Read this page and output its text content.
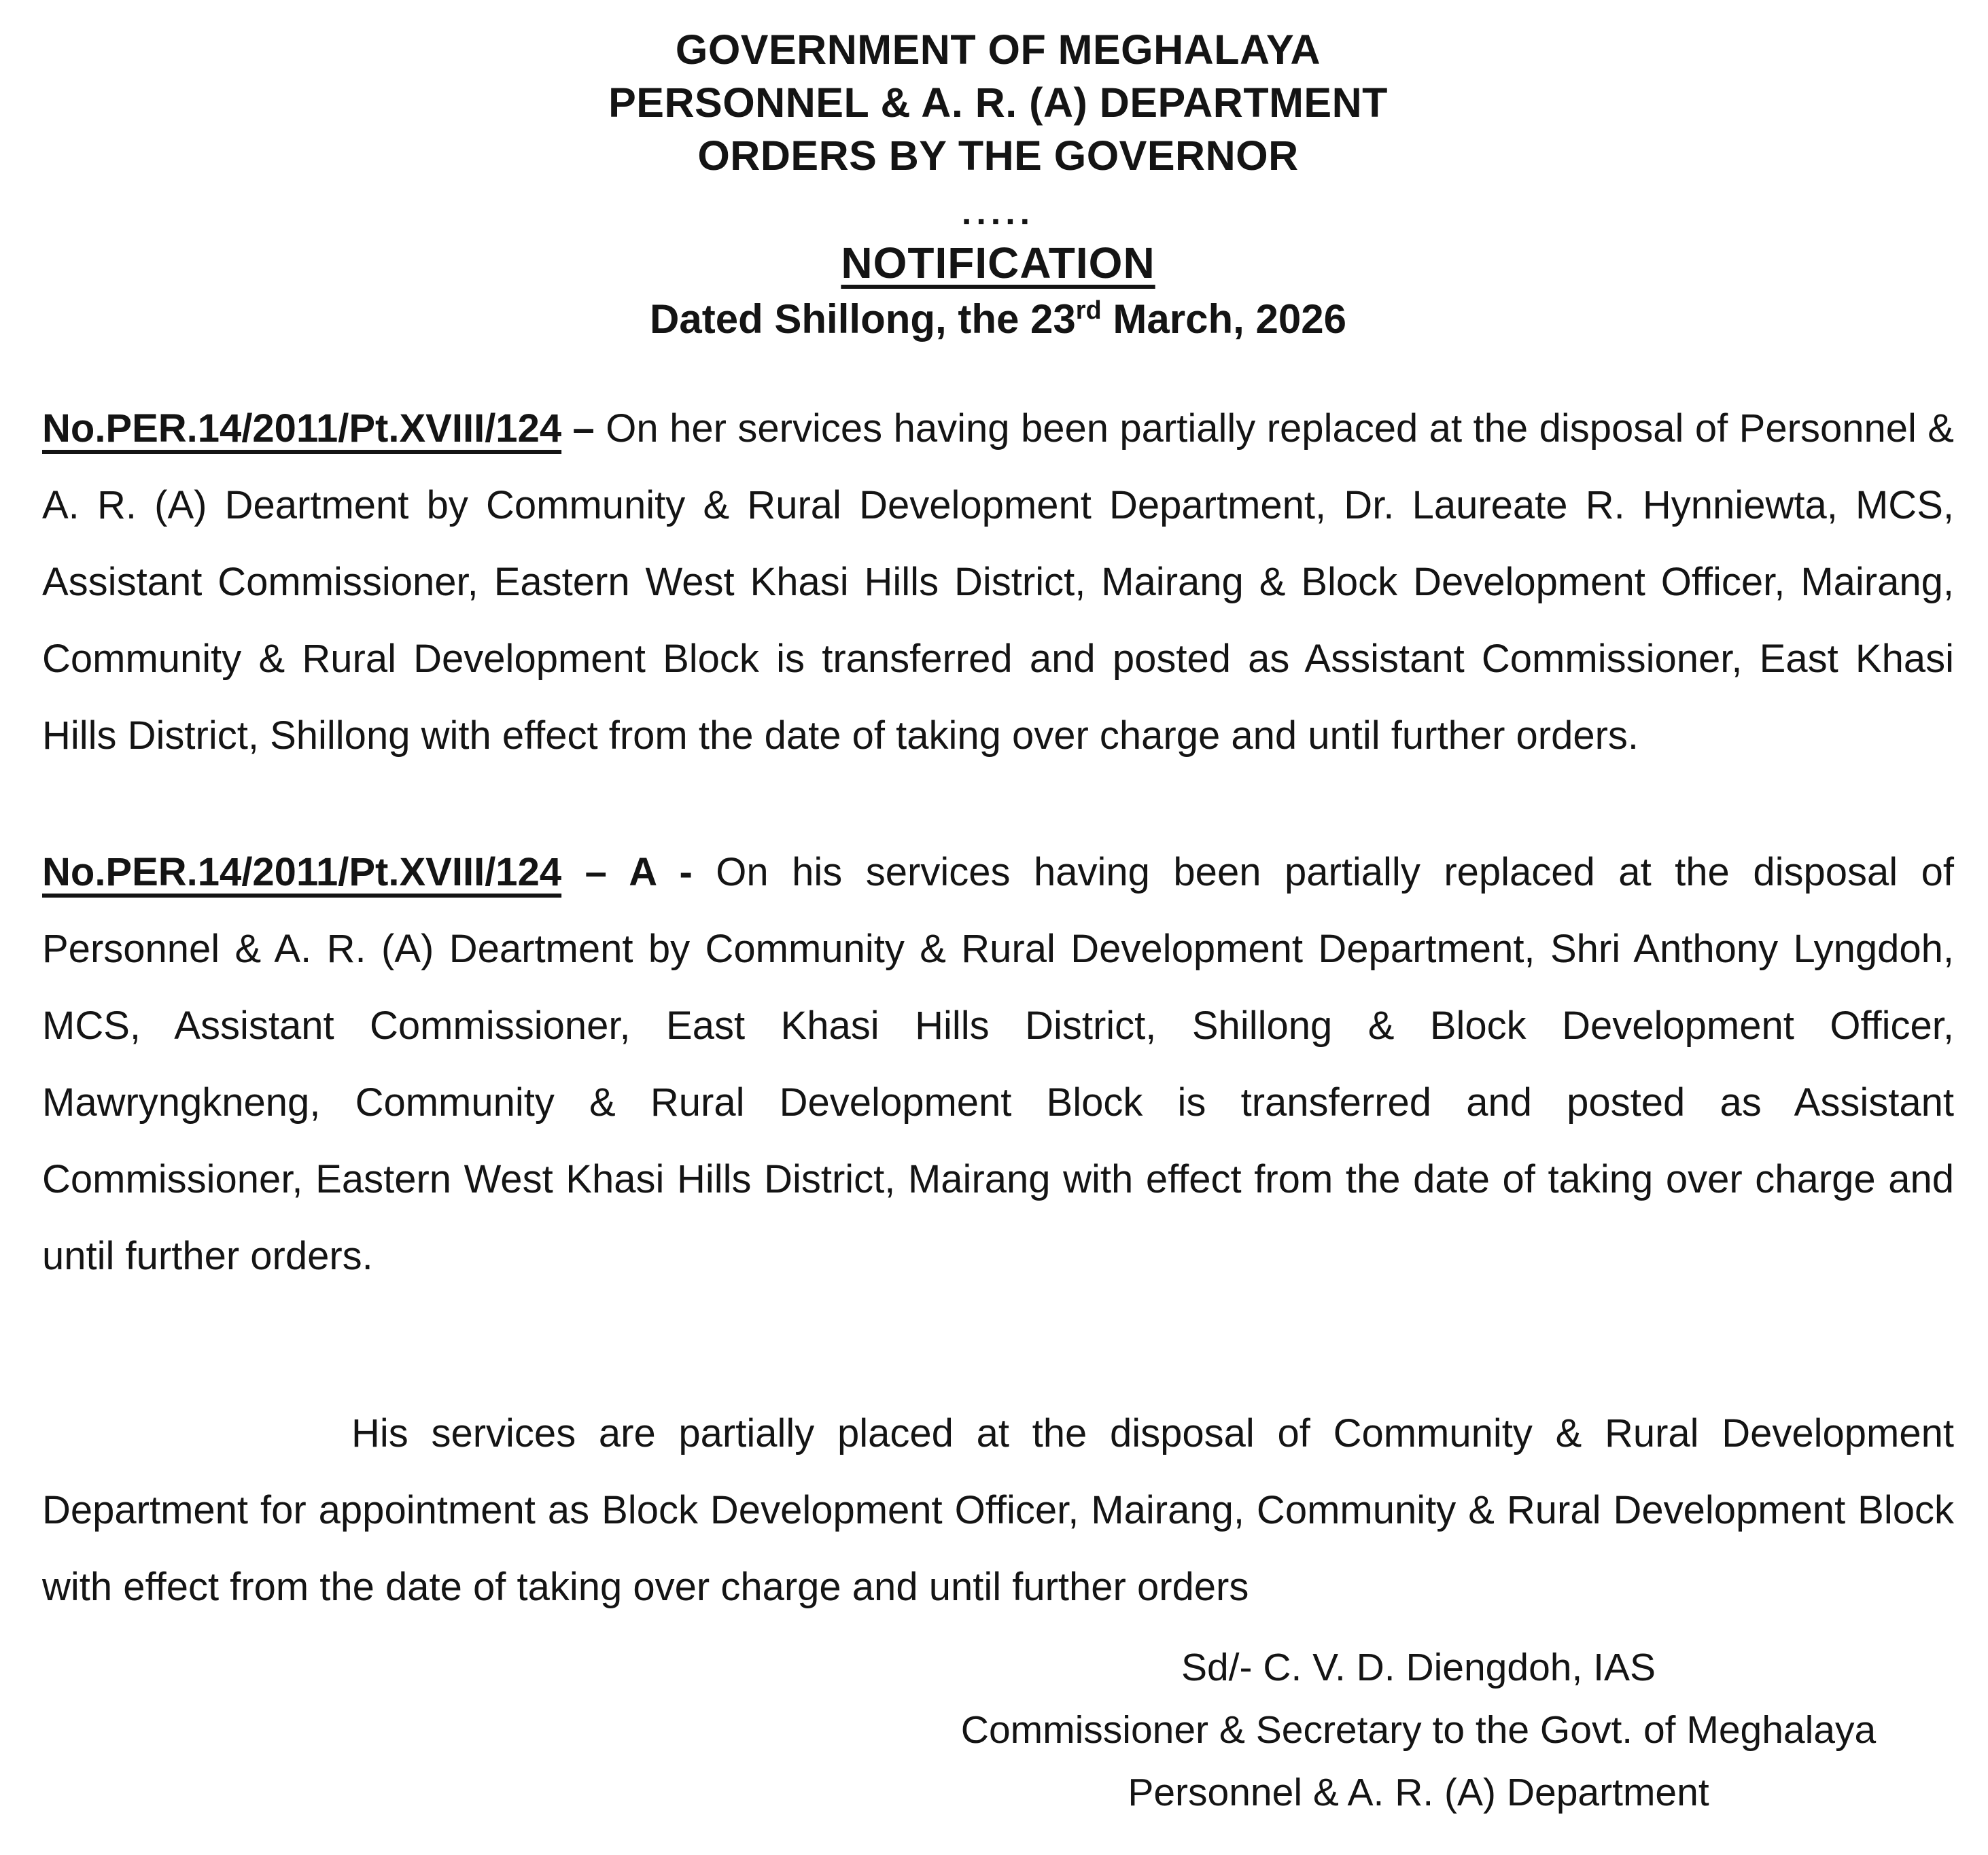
GOVERNMENT OF MEGHALAYA
PERSONNEL & A. R. (A) DEPARTMENT
ORDERS BY THE GOVERNOR
.....
NOTIFICATION
Dated Shillong, the 23rd March, 2026

No.PER.14/2011/Pt.XVIII/124 – On her services having been partially replaced at the disposal of Personnel & A. R. (A) Deartment by Community & Rural Development Department, Dr. Laureate R. Hynniewta, MCS, Assistant Commissioner, Eastern West Khasi Hills District, Mairang & Block Development Officer, Mairang, Community & Rural Development Block is transferred and posted as Assistant Commissioner, East Khasi Hills District, Shillong with effect from the date of taking over charge and until further orders.

No.PER.14/2011/Pt.XVIII/124 – A - On his services having been partially replaced at the disposal of Personnel & A. R. (A) Deartment by Community & Rural Development Department, Shri Anthony Lyngdoh, MCS, Assistant Commissioner, East Khasi Hills District, Shillong & Block Development Officer, Mawryngkneng, Community & Rural Development Block is transferred and posted as Assistant Commissioner, Eastern West Khasi Hills District, Mairang with effect from the date of taking over charge and until further orders.

His services are partially placed at the disposal of Community & Rural Development Department for appointment as Block Development Officer, Mairang, Community & Rural Development Block with effect from the date of taking over charge and until further orders

Sd/- C. V. D. Diengdoh, IAS
Commissioner & Secretary to the Govt. of Meghalaya
Personnel & A. R. (A) Department
